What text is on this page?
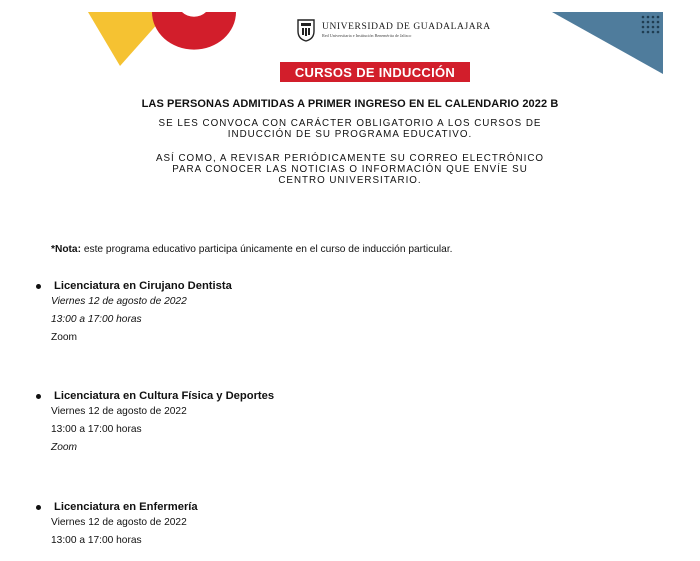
UNIVERSIDAD DE GUADALAJARA
Red Universitaria e Institución Benemérita de Jalisco
CURSOS DE INDUCCIÓN
LAS PERSONAS ADMITIDAS A PRIMER INGRESO EN EL CALENDARIO 2022 B
SE LES CONVOCA CON CARÁCTER OBLIGATORIO A LOS CURSOS DE
INDUCCIÓN DE SU PROGRAMA EDUCATIVO.
ASÍ COMO, A REVISAR PERIÓDICAMENTE SU CORREO ELECTRÓNICO
PARA CONOCER LAS NOTICIAS O INFORMACIÓN QUE ENVÍE SU
CENTRO UNIVERSITARIO.
*Nota: este programa educativo participa únicamente en el curso de inducción particular.
Licenciatura en Cirujano Dentista
Viernes 12 de agosto de 2022
13:00 a 17:00 horas
Zoom
Licenciatura en Cultura Física y Deportes
Viernes 12 de agosto de 2022
13:00 a 17:00 horas
Zoom
Licenciatura en Enfermería
Viernes 12 de agosto de 2022
13:00 a 17:00 horas
